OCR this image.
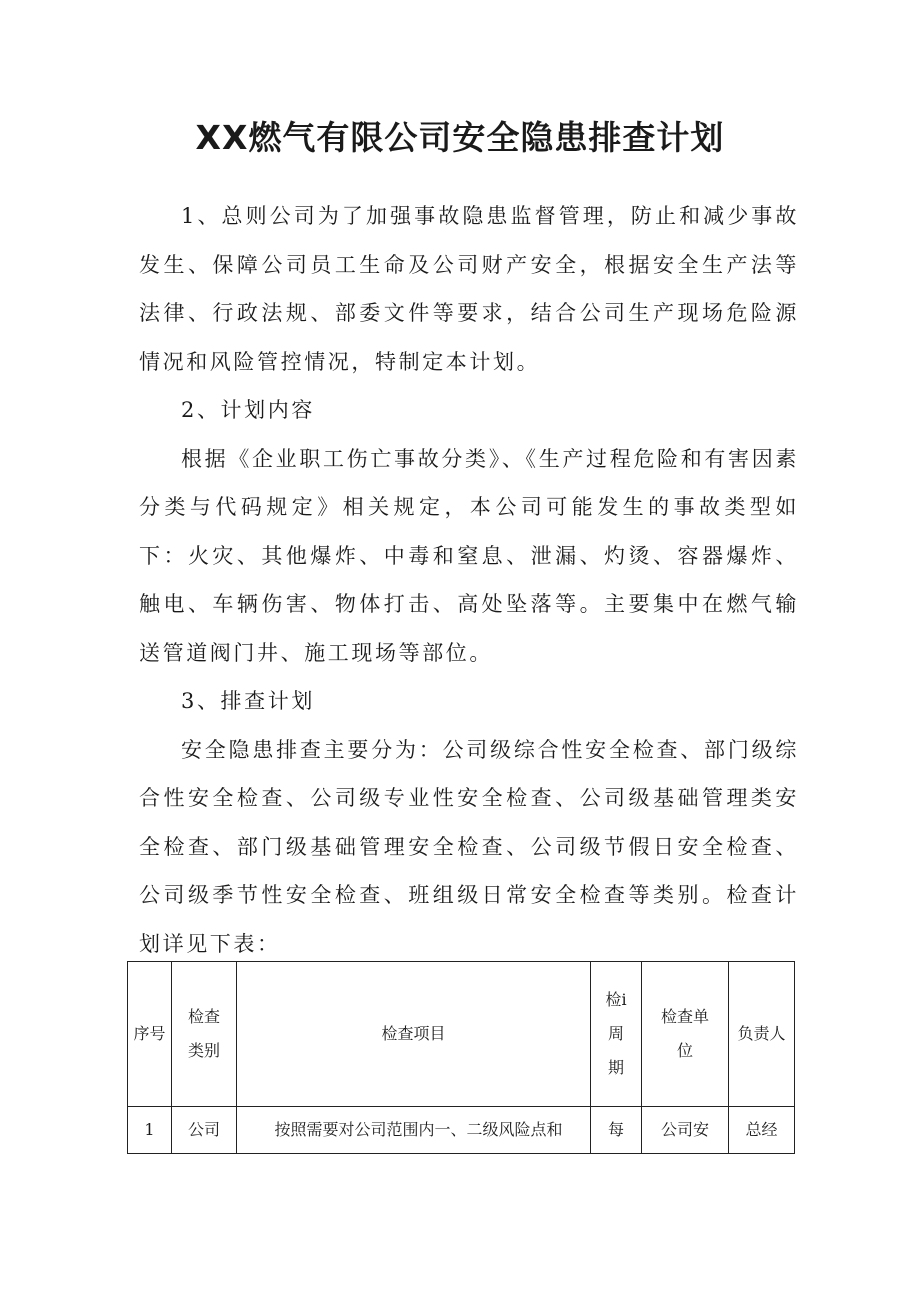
XX燃气有限公司安全隐患排查计划

1、总则公司为了加强事故隐患监督管理，防止和减少事故发生、保障公司员工生命及公司财产安全，根据安全生产法等法律、行政法规、部委文件等要求，结合公司生产现场危险源情况和风险管控情况，特制定本计划。

2、计划内容

根据《企业职工伤亡事故分类》、《生产过程危险和有害因素分类与代码规定》相关规定，本公司可能发生的事故类型如下：火灾、其他爆炸、中毒和窒息、泄漏、灼烫、容器爆炸、触电、车辆伤害、物体打击、高处坠落等。主要集中在燃气输送管道阀门井、施工现场等部位。

3、排查计划

安全隐患排查主要分为：公司级综合性安全检查、部门级综合性安全检查、公司级专业性安全检查、公司级基础管理类安全检查、部门级基础管理安全检查、公司级节假日安全检查、公司级季节性安全检查、班组级日常安全检查等类别。检查计划详见下表：

序号	检查类别	检查项目	检i周期	检查单位	负责人
1	公司	按照需要对公司范围内一、二级风险点和	每	公司安	总经
